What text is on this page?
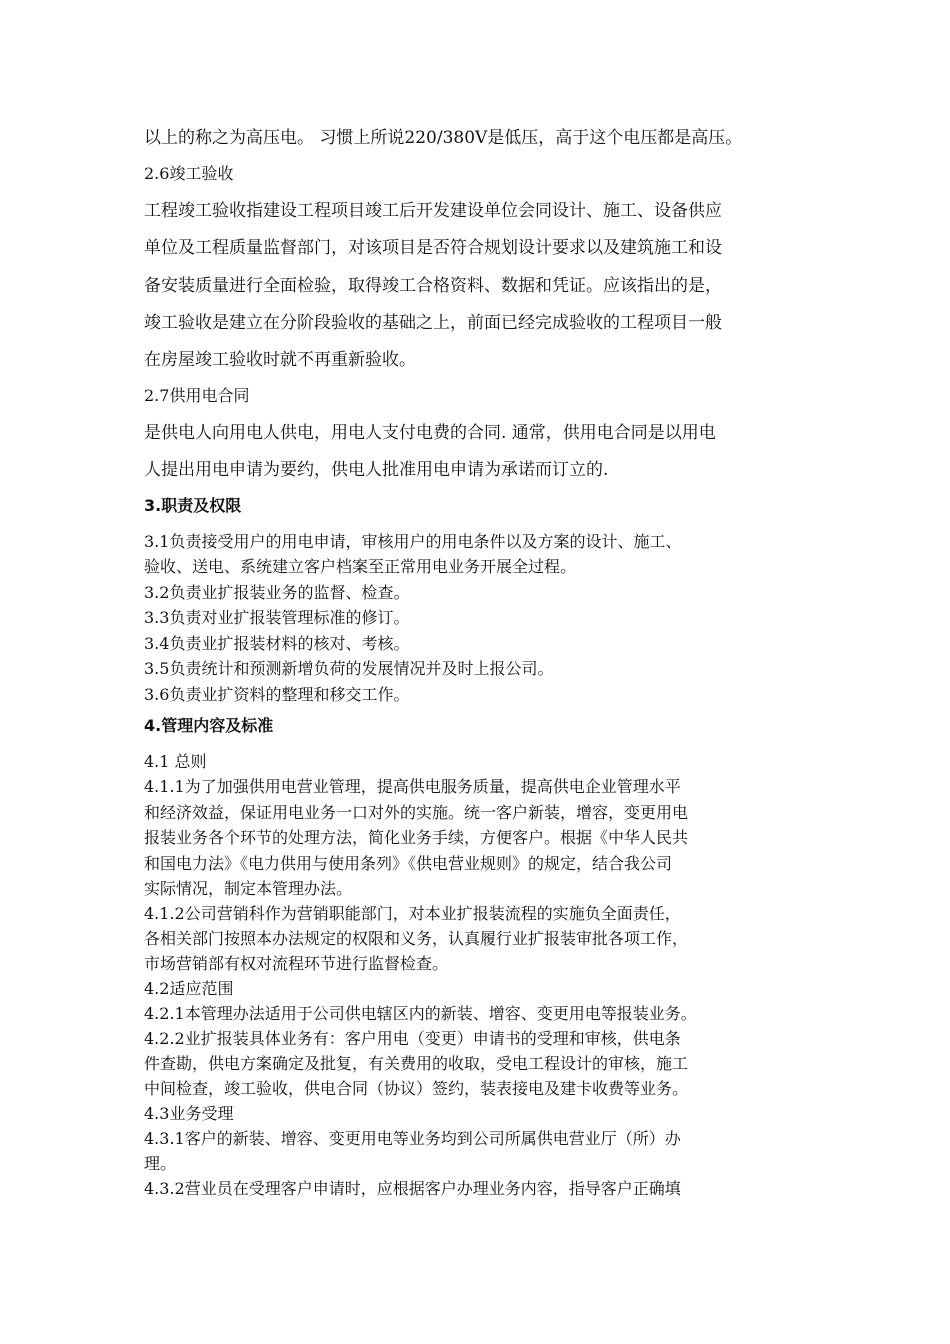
以上的称之为高压电。 习惯上所说220/380V是低压，高于这个电压都是高压。
2.6竣工验收
工程竣工验收指建设工程项目竣工后开发建设单位会同设计、施工、设备供应
单位及工程质量监督部门，对该项目是否符合规划设计要求以及建筑施工和设
备安装质量进行全面检验，取得竣工合格资料、数据和凭证。应该指出的是，
竣工验收是建立在分阶段验收的基础之上，前面已经完成验收的工程项目一般
在房屋竣工验收时就不再重新验收。
2.7供用电合同
是供电人向用电人供电，用电人支付电费的合同. 通常，供用电合同是以用电
人提出用电申请为要约，供电人批准用电申请为承诺而订立的.
3.职责及权限
3.1负责接受用户的用电申请，审核用户的用电条件以及方案的设计、施工、
验收、送电、系统建立客户档案至正常用电业务开展全过程。
3.2负责业扩报装业务的监督、检查。
3.3负责对业扩报装管理标准的修订。
3.4负责业扩报装材料的核对、考核。
3.5负责统计和预测新增负荷的发展情况并及时上报公司。
3.6负责业扩资料的整理和移交工作。
4.管理内容及标准
4.1 总则
4.1.1为了加强供用电营业管理，提高供电服务质量，提高供电企业管理水平
和经济效益，保证用电业务一口对外的实施。统一客户新装，增容，变更用电
报装业务各个环节的处理方法，简化业务手续，方便客户。根据《中华人民共
和国电力法》《电力供用与使用条列》《供电营业规则》的规定，结合我公司
实际情况，制定本管理办法。
4.1.2公司营销科作为营销职能部门，对本业扩报装流程的实施负全面责任，
各相关部门按照本办法规定的权限和义务，认真履行业扩报装审批各项工作，
市场营销部有权对流程环节进行监督检查。
4.2适应范围
4.2.1本管理办法适用于公司供电辖区内的新装、增容、变更用电等报装业务。
4.2.2业扩报装具体业务有：客户用电（变更）申请书的受理和审核，供电条
件查勘，供电方案确定及批复，有关费用的收取，受电工程设计的审核，施工
中间检查，竣工验收，供电合同（协议）签约，装表接电及建卡收费等业务。
4.3业务受理
4.3.1客户的新装、增容、变更用电等业务均到公司所属供电营业厅（所）办
理。
4.3.2营业员在受理客户申请时，应根据客户办理业务内容，指导客户正确填
